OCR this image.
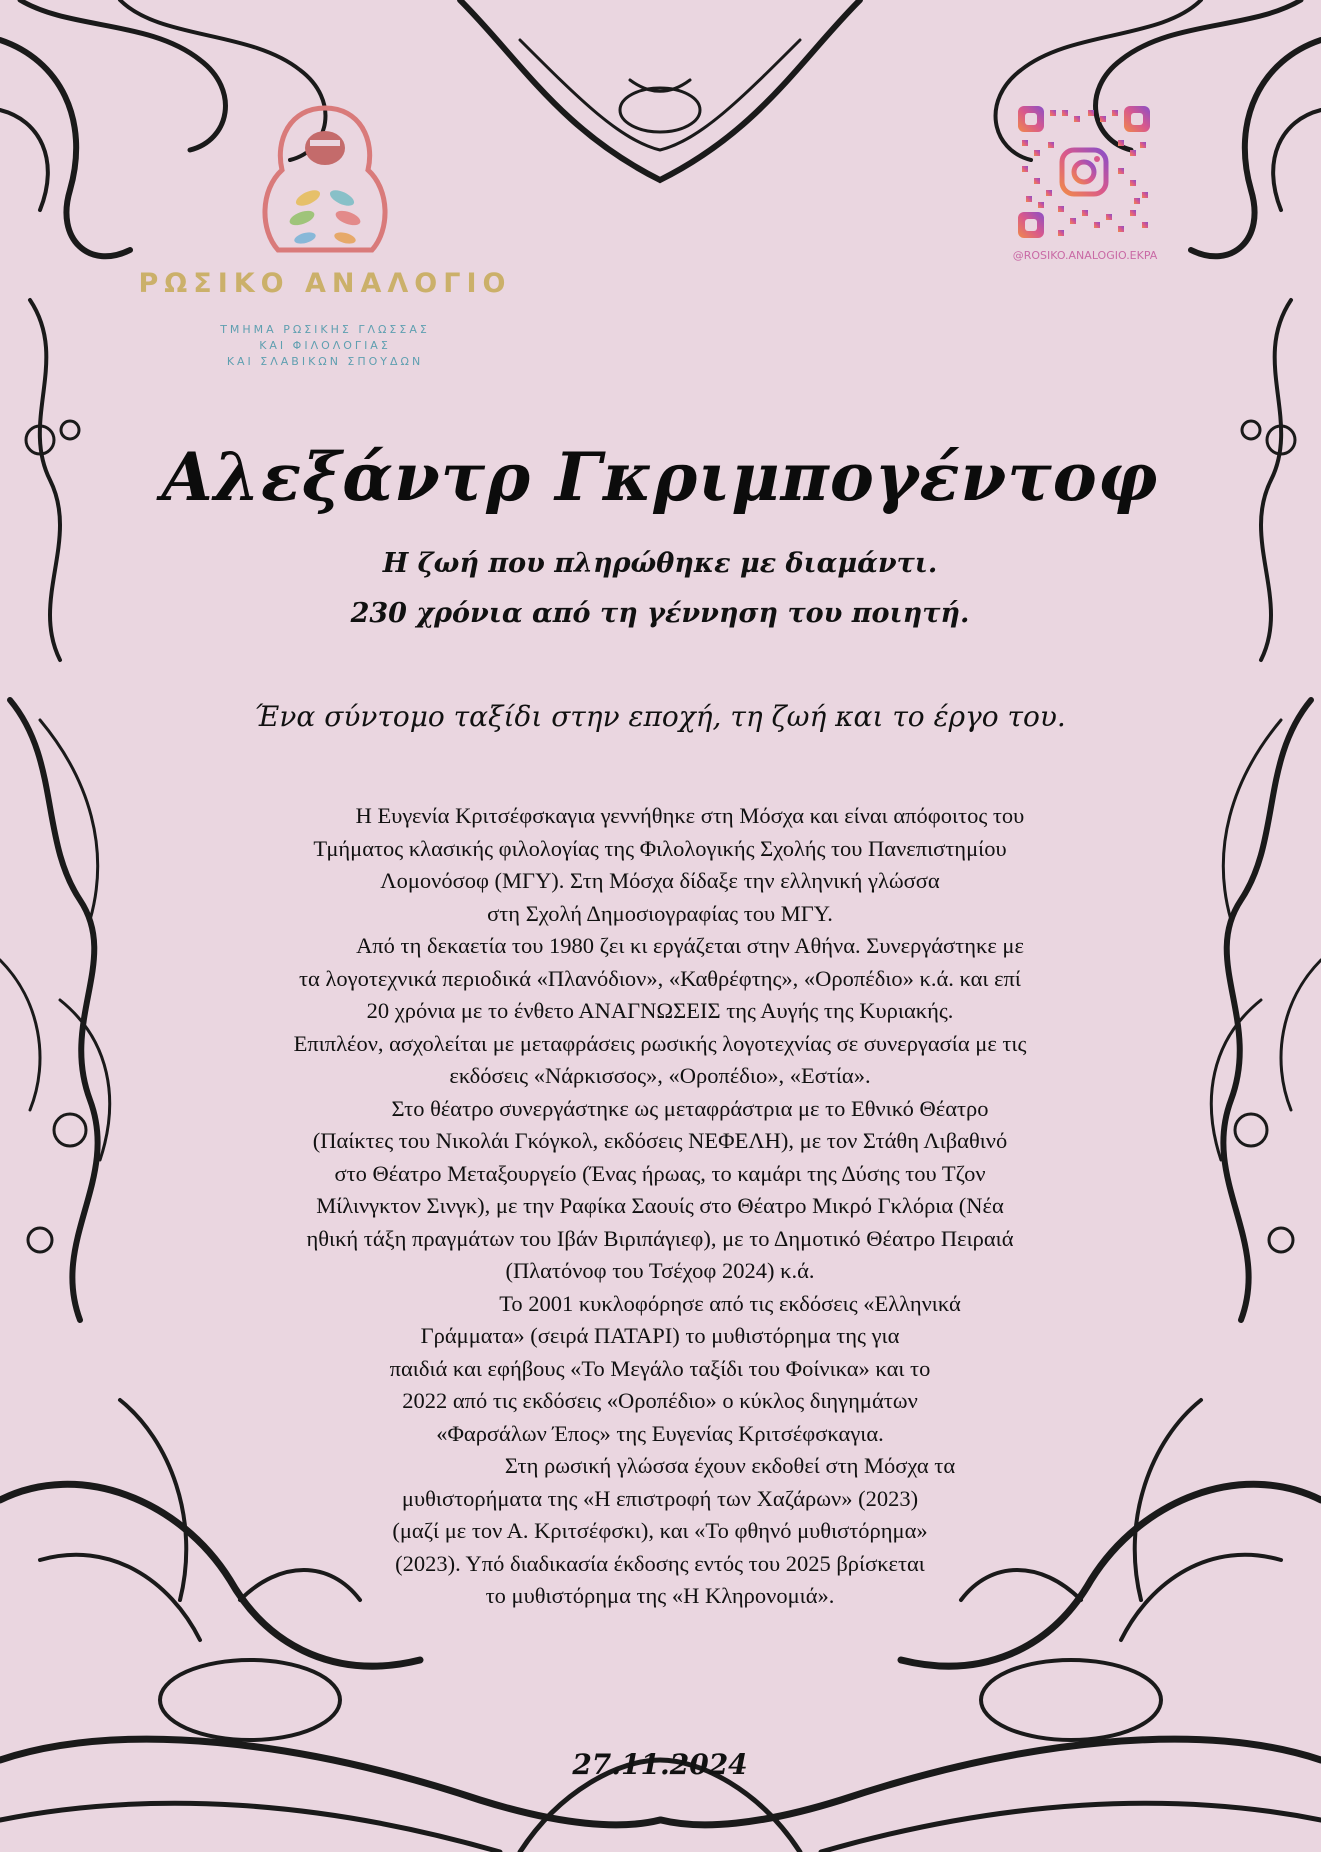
ΡΩΣΙΚΟ ΑΝΑΛΟΓΙΟ
ΤΜΗΜΑ ΡΩΣΙΚΗΣ ΓΛΩΣΣΑΣ
ΚΑΙ ΦΙΛΟΛΟΓΙΑΣ
ΚΑΙ ΣΛΑΒΙΚΩΝ ΣΠΟΥΔΩΝ
@ROSIKO.ANALOGIO.EKPA
Αλεξάντρ Γκριμπογέντοφ
Η ζωή που πληρώθηκε με διαμάντι.
230 χρόνια από τη γέννηση του ποιητή.
Ένα σύντομο ταξίδι στην εποχή, τη ζωή και το έργο του.
Η Ευγενία Κριτσέφσκαγια γεννήθηκε στη Μόσχα και είναι απόφοιτος του
Τμήματος κλασικής φιλολογίας της Φιλολογικής Σχολής του Πανεπιστημίου
Λομονόσοφ (ΜΓΥ). Στη Μόσχα δίδαξε την ελληνική γλώσσα
στη Σχολή Δημοσιογραφίας του ΜΓΥ.
Από τη δεκαετία του 1980 ζει κι εργάζεται στην Αθήνα. Συνεργάστηκε με
τα λογοτεχνικά περιοδικά «Πλανόδιον», «Καθρέφτης», «Οροπέδιο» κ.ά. και επί
20 χρόνια με το ένθετο ΑΝΑΓΝΩΣΕΙΣ της Αυγής της Κυριακής.
Επιπλέον, ασχολείται με μεταφράσεις ρωσικής λογοτεχνίας σε συνεργασία με τις
εκδόσεις «Νάρκισσος», «Οροπέδιο», «Εστία».
Στο θέατρο συνεργάστηκε ως μεταφράστρια με το Εθνικό Θέατρο
(Παίκτες του Νικολάι Γκόγκολ, εκδόσεις ΝΕΦΕΛΗ), με τον Στάθη Λιβαθινό
στο Θέατρο Μεταξουργείο (Ένας ήρωας, το καμάρι της Δύσης του Τζον
Μίλινγκτον Σινγκ), με την Ραφίκα Σαουίς στο Θέατρο Μικρό Γκλόρια (Νέα
ηθική τάξη πραγμάτων του Ιβάν Βιριπάγιεφ), με το Δημοτικό Θέατρο Πειραιά
(Πλατόνοφ του Τσέχοφ 2024) κ.ά.
Το 2001 κυκλοφόρησε από τις εκδόσεις «Ελληνικά
Γράμματα» (σειρά ΠΑΤΑΡΙ) το μυθιστόρημα της για
παιδιά και εφήβους «Το Μεγάλο ταξίδι του Φοίνικα» και το
2022 από τις εκδόσεις «Οροπέδιο» ο κύκλος διηγημάτων
«Φαρσάλων Έπος» της Ευγενίας Κριτσέφσκαγια.
Στη ρωσική γλώσσα έχουν εκδοθεί στη Μόσχα τα
μυθιστορήματα της «Η επιστροφή των Χαζάρων» (2023)
(μαζί με τον Α. Κριτσέφσκι), και «Το φθηνό μυθιστόρημα»
(2023). Υπό διαδικασία έκδοσης εντός του 2025 βρίσκεται
το μυθιστόρημα της «Η Κληρονομιά».
27.11.2024
